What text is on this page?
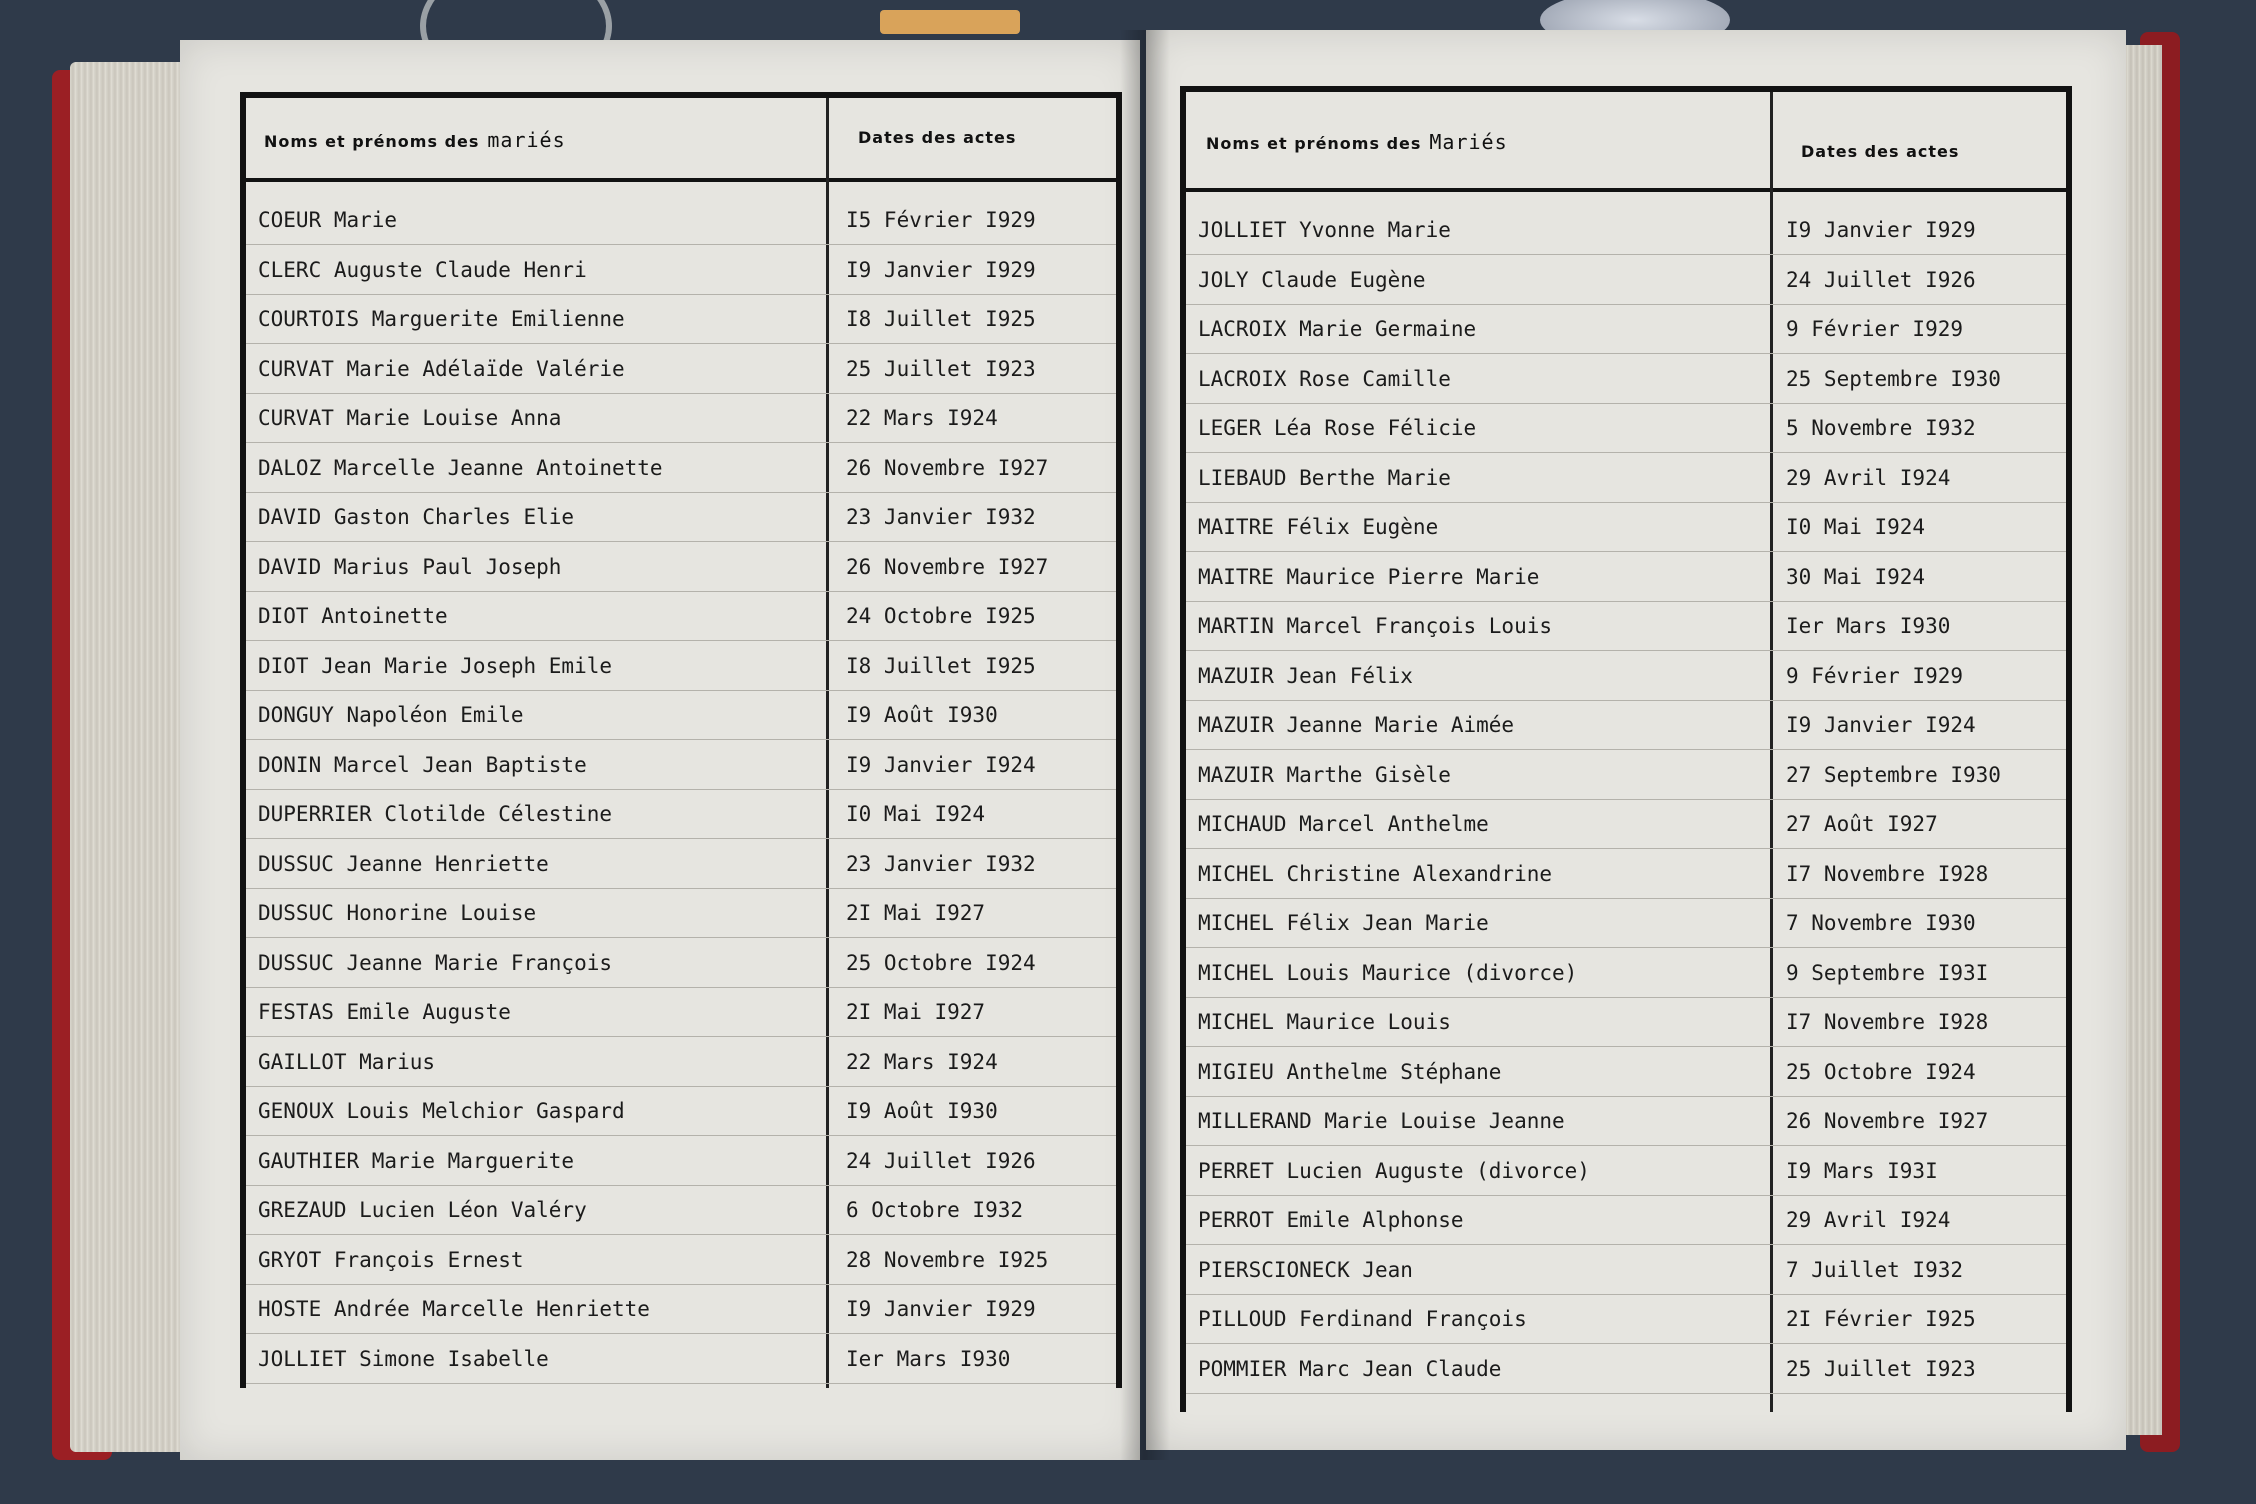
Noms et prénoms des mariés	Dates des actes
COEUR Marie	I5 Février I929
CLERC Auguste Claude Henri	I9 Janvier I929
COURTOIS Marguerite Emilienne	I8 Juillet I925
CURVAT Marie Adélaïde Valérie	25 Juillet I923
CURVAT Marie Louise Anna	22 Mars I924
DALOZ Marcelle Jeanne Antoinette	26 Novembre I927
DAVID Gaston Charles Elie	23 Janvier I932
DAVID Marius Paul Joseph	26 Novembre I927
DIOT Antoinette	24 Octobre I925
DIOT Jean Marie Joseph Emile	I8 Juillet I925
DONGUY Napoléon Emile	I9 Août I930
DONIN Marcel Jean Baptiste	I9 Janvier I924
DUPERRIER Clotilde Célestine	I0 Mai I924
DUSSUC Jeanne Henriette	23 Janvier I932
DUSSUC Honorine Louise	2I Mai I927
DUSSUC Jeanne Marie François	25 Octobre I924
FESTAS Emile Auguste	2I Mai I927
GAILLOT Marius	22 Mars I924
GENOUX Louis Melchior Gaspard	I9 Août I930
GAUTHIER Marie Marguerite	24 Juillet I926
GREZAUD Lucien Léon Valéry	6 Octobre I932
GRYOT François Ernest	28 Novembre I925
HOSTE Andrée Marcelle Henriette	I9 Janvier I929
JOLLIET Simone Isabelle	Ier Mars I930
Noms et prénoms des Mariés	Dates des actes
JOLLIET Yvonne Marie	I9 Janvier I929
JOLY Claude Eugène	24 Juillet I926
LACROIX Marie Germaine	9 Février I929
LACROIX Rose Camille	25 Septembre I930
LEGER Léa Rose Félicie	5 Novembre I932
LIEBAUD Berthe Marie	29 Avril I924
MAITRE Félix Eugène	I0 Mai I924
MAITRE Maurice Pierre Marie	30 Mai I924
MARTIN Marcel François Louis	Ier Mars I930
MAZUIR Jean Félix	9 Février I929
MAZUIR Jeanne Marie Aimée	I9 Janvier I924
MAZUIR Marthe Gisèle	27 Septembre I930
MICHAUD Marcel Anthelme	27 Août I927
MICHEL Christine Alexandrine	I7 Novembre I928
MICHEL Félix Jean Marie	7 Novembre I930
MICHEL Louis Maurice (divorce)	9 Septembre I93I
MICHEL Maurice Louis	I7 Novembre I928
MIGIEU Anthelme Stéphane	25 Octobre I924
MILLERAND Marie Louise Jeanne	26 Novembre I927
PERRET Lucien Auguste (divorce)	I9 Mars I93I
PERROT Emile Alphonse	29 Avril I924
PIERSCIONECK Jean	7 Juillet I932
PILLOUD Ferdinand François	2I Février I925
POMMIER Marc Jean Claude	25 Juillet I923
